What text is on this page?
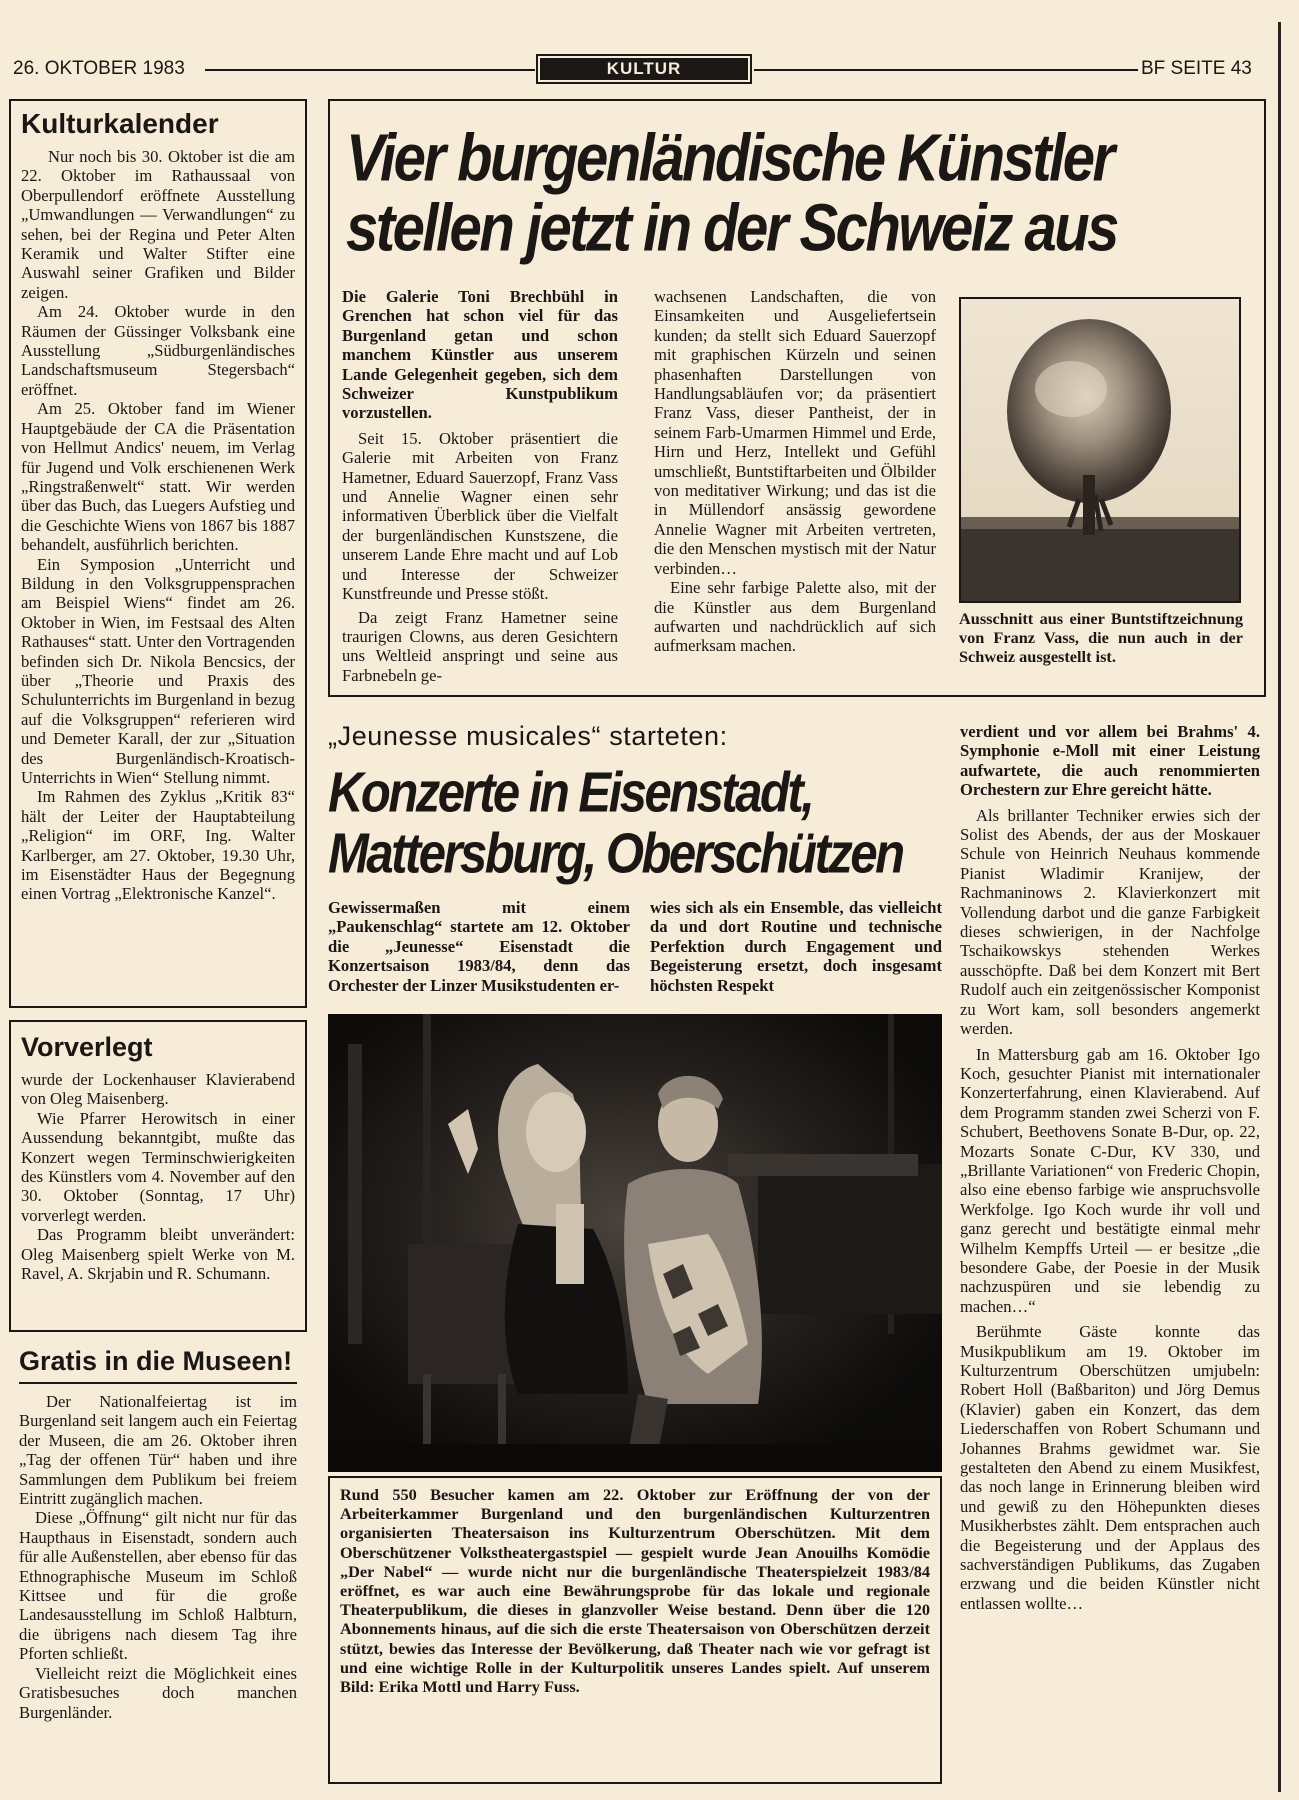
26. OKTOBER 1983	KULTUR	BF SEITE 43
Kulturkalender

Nur noch bis 30. Oktober ist die am 22. Oktober im Rathaussaal von Oberpullendorf eröffnete Ausstellung „Umwandlungen — Verwandlungen“ zu sehen, bei der Regina und Peter Alten Keramik und Walter Stifter eine Auswahl seiner Grafiken und Bilder zeigen.

Am 24. Oktober wurde in den Räumen der Güssinger Volksbank eine Ausstellung „Südburgenländisches Landschaftsmuseum Stegersbach“ eröffnet.

Am 25. Oktober fand im Wiener Hauptgebäude der CA die Präsentation von Hellmut Andics' neuem, im Verlag für Jugend und Volk erschienenen Werk „Ringstraßenwelt“ statt. Wir werden über das Buch, das Luegers Aufstieg und die Geschichte Wiens von 1867 bis 1887 behandelt, ausführlich berichten.

Ein Symposion „Unterricht und Bildung in den Volksgruppensprachen am Beispiel Wiens“ findet am 26. Oktober in Wien, im Festsaal des Alten Rathauses“ statt. Unter den Vortragenden befinden sich Dr. Nikola Bencsics, der über „Theorie und Praxis des Schulunterrichts im Burgenland in bezug auf die Volksgruppen“ referieren wird und Demeter Karall, der zur „Situation des Burgenländisch-Kroatisch-Unterrichts in Wien“ Stellung nimmt.

Im Rahmen des Zyklus „Kritik 83“ hält der Leiter der Hauptabteilung „Religion“ im ORF, Ing. Walter Karlberger, am 27. Oktober, 19.30 Uhr, im Eisenstädter Haus der Begegnung einen Vortrag „Elektronische Kanzel“.

Vorverlegt

wurde der Lockenhauser Klavierabend von Oleg Maisenberg.

Wie Pfarrer Herowitsch in einer Aussendung bekanntgibt, mußte das Konzert wegen Terminschwierigkeiten des Künstlers vom 4. November auf den 30. Oktober (Sonntag, 17 Uhr) vorverlegt werden.

Das Programm bleibt unverändert: Oleg Maisenberg spielt Werke von M. Ravel, A. Skrjabin und R. Schumann.

Gratis in die Museen!

Der Nationalfeiertag ist im Burgenland seit langem auch ein Feiertag der Museen, die am 26. Oktober ihren „Tag der offenen Tür“ haben und ihre Sammlungen dem Publikum bei freiem Eintritt zugänglich machen.

Diese „Öffnung“ gilt nicht nur für das Haupthaus in Eisenstadt, sondern auch für alle Außenstellen, aber ebenso für das Ethnographische Museum im Schloß Kittsee und für die große Landesausstellung im Schloß Halbturn, die übrigens nach diesem Tag ihre Pforten schließt.

Vielleicht reizt die Möglichkeit eines Gratisbesuches doch manchen Burgenländer.

Vier burgenländische Künstler
stellen jetzt in der Schweiz aus

Die Galerie Toni Brechbühl in Grenchen hat schon viel für das Burgenland getan und schon manchem Künstler aus unserem Lande Gelegenheit gegeben, sich dem Schweizer Kunstpublikum vorzustellen.

Seit 15. Oktober präsentiert die Galerie mit Arbeiten von Franz Hametner, Eduard Sauerzopf, Franz Vass und Annelie Wagner einen sehr informativen Überblick über die Vielfalt der burgenländischen Kunstszene, die unserem Lande Ehre macht und auf Lob und Interesse der Schweizer Kunstfreunde und Presse stößt.

Da zeigt Franz Hametner seine traurigen Clowns, aus deren Gesichtern uns Weltleid anspringt und seine aus Farbnebeln ge-

wachsenen Landschaften, die von Einsamkeiten und Ausgeliefertsein kunden; da stellt sich Eduard Sauerzopf mit graphischen Kürzeln und seinen phasenhaften Darstellungen von Handlungsabläufen vor; da präsentiert Franz Vass, dieser Pantheist, der in seinem Farb-Umarmen Himmel und Erde, Hirn und Herz, Intellekt und Gefühl umschließt, Buntstiftarbeiten und Ölbilder von meditativer Wirkung; und das ist die in Müllendorf ansässig gewordene Annelie Wagner mit Arbeiten vertreten, die den Menschen mystisch mit der Natur verbinden…

Eine sehr farbige Palette also, mit der die Künstler aus dem Burgenland aufwarten und nachdrücklich auf sich aufmerksam machen.

Ausschnitt aus einer Buntstiftzeichnung von Franz Vass, die nun auch in der Schweiz ausgestellt ist.

„Jeunesse musicales“ starteten:
Konzerte in Eisenstadt,
Mattersburg, Oberschützen

Gewissermaßen mit einem „Paukenschlag“ startete am 12. Oktober die „Jeunesse“ Eisenstadt die Konzertsaison 1983/84, denn das Orchester der Linzer Musikstudenten er-

wies sich als ein Ensemble, das vielleicht da und dort Routine und technische Perfektion durch Engagement und Begeisterung ersetzt, doch insgesamt höchsten Respekt

verdient und vor allem bei Brahms' 4. Symphonie e-Moll mit einer Leistung aufwartete, die auch renommierten Orchestern zur Ehre gereicht hätte.

Als brillanter Techniker erwies sich der Solist des Abends, der aus der Moskauer Schule von Heinrich Neuhaus kommende Pianist Wladimir Kranijew, der Rachmaninows 2. Klavierkonzert mit Vollendung darbot und die ganze Farbigkeit dieses schwierigen, in der Nachfolge Tschaikowskys stehenden Werkes ausschöpfte. Daß bei dem Konzert mit Bert Rudolf auch ein zeitgenössischer Komponist zu Wort kam, soll besonders angemerkt werden.

In Mattersburg gab am 16. Oktober Igo Koch, gesuchter Pianist mit internationaler Konzerterfahrung, einen Klavierabend. Auf dem Programm standen zwei Scherzi von F. Schubert, Beethovens Sonate B-Dur, op. 22, Mozarts Sonate C-Dur, KV 330, und „Brillante Variationen“ von Frederic Chopin, also eine ebenso farbige wie anspruchsvolle Werkfolge. Igo Koch wurde ihr voll und ganz gerecht und bestätigte einmal mehr Wilhelm Kempffs Urteil — er besitze „die besondere Gabe, der Poesie in der Musik nachzuspüren und sie lebendig zu machen…“

Berühmte Gäste konnte das Musikpublikum am 19. Oktober im Kulturzentrum Oberschützen umjubeln: Robert Holl (Baßbariton) und Jörg Demus (Klavier) gaben ein Konzert, das dem Liederschaffen von Robert Schumann und Johannes Brahms gewidmet war. Sie gestalteten den Abend zu einem Musikfest, das noch lange in Erinnerung bleiben wird und gewiß zu den Höhepunkten dieses Musikherbstes zählt. Dem entsprachen auch die Begeisterung und der Applaus des sachverständigen Publikums, das Zugaben erzwang und die beiden Künstler nicht entlassen wollte…

Rund 550 Besucher kamen am 22. Oktober zur Eröffnung der von der Arbeiterkammer Burgenland und den burgenländischen Kulturzentren organisierten Theatersaison ins Kulturzentrum Oberschützen. Mit dem Oberschützener Volkstheatergastspiel — gespielt wurde Jean Anouilhs Komödie „Der Nabel“ — wurde nicht nur die burgenländische Theaterspielzeit 1983/84 eröffnet, es war auch eine Bewährungsprobe für das lokale und regionale Theaterpublikum, die dieses in glanzvoller Weise bestand. Denn über die 120 Abonnements hinaus, auf die sich die erste Theatersaison von Oberschützen derzeit stützt, bewies das Interesse der Bevölkerung, daß Theater nach wie vor gefragt ist und eine wichtige Rolle in der Kulturpolitik unseres Landes spielt. Auf unserem Bild: Erika Mottl und Harry Fuss.
